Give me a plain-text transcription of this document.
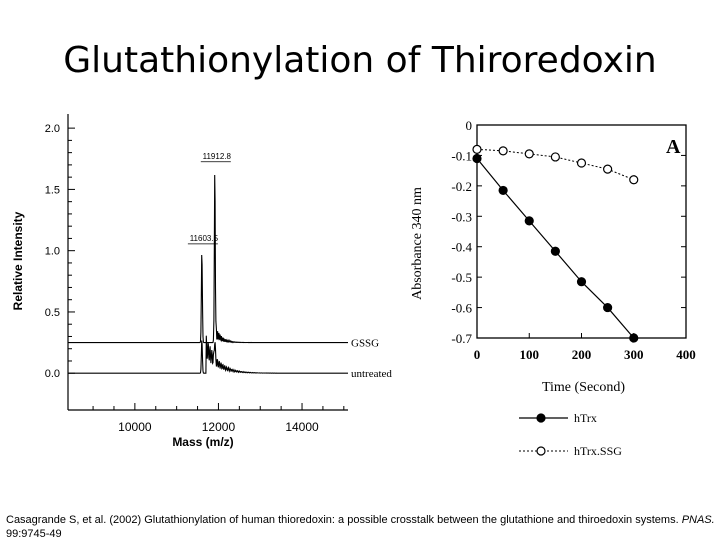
Glutathionylation of Thiroredoxin
0.0
0.5
1.0
1.5
2.0
10000	12000	14000
Mass (m/z)
Relative Intensity
GSSG
untreated
11912.8
11603.5
0
-0.1
-0.2
-0.3
-0.4
-0.5
-0.6
-0.7
0	100	200	300	400
Time (Second)
Absorbance 340 nm
A
hTrx
hTrx.SSG
Casagrande S, et al. (2002) Glutathionylation of human thioredoxin: a possible crosstalk between the glutathione and thiroedoxin systems. PNAS. 99:9745-49
